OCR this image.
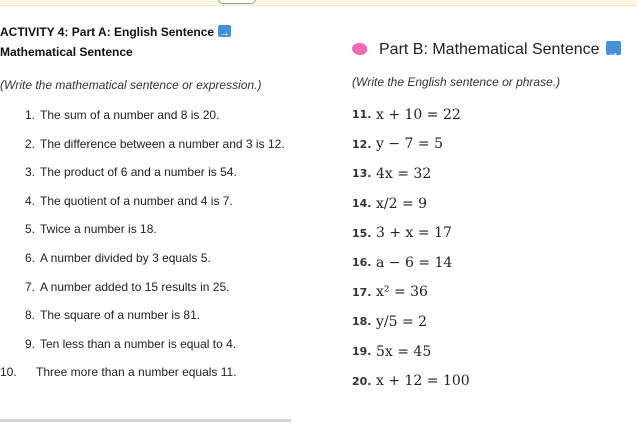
ACTIVITY 4: Part A: English Sentence→
Mathematical Sentence
(Write the mathematical sentence or expression.)
1. The sum of a number and 8 is 20.
2. The difference between a number and 3 is 12.
3. The product of 6 and a number is 54.
4. The quotient of a number and 4 is 7.
5. Twice a number is 18.
6. A number divided by 3 equals 5.
7. A number added to 15 results in 25.
8. The square of a number is 81.
9. Ten less than a number is equal to 4.
10.	Three more than a number equals 11.
Part B: Mathematical Sentence→
(Write the English sentence or phrase.)
11. x + 10 = 22
12. y − 7 = 5
13. 4x = 32
14. x/2 = 9
15. 3 + x = 17
16. a − 6 = 14
17. x² = 36
18. y/5 = 2
19. 5x = 45
20. x + 12 = 100
